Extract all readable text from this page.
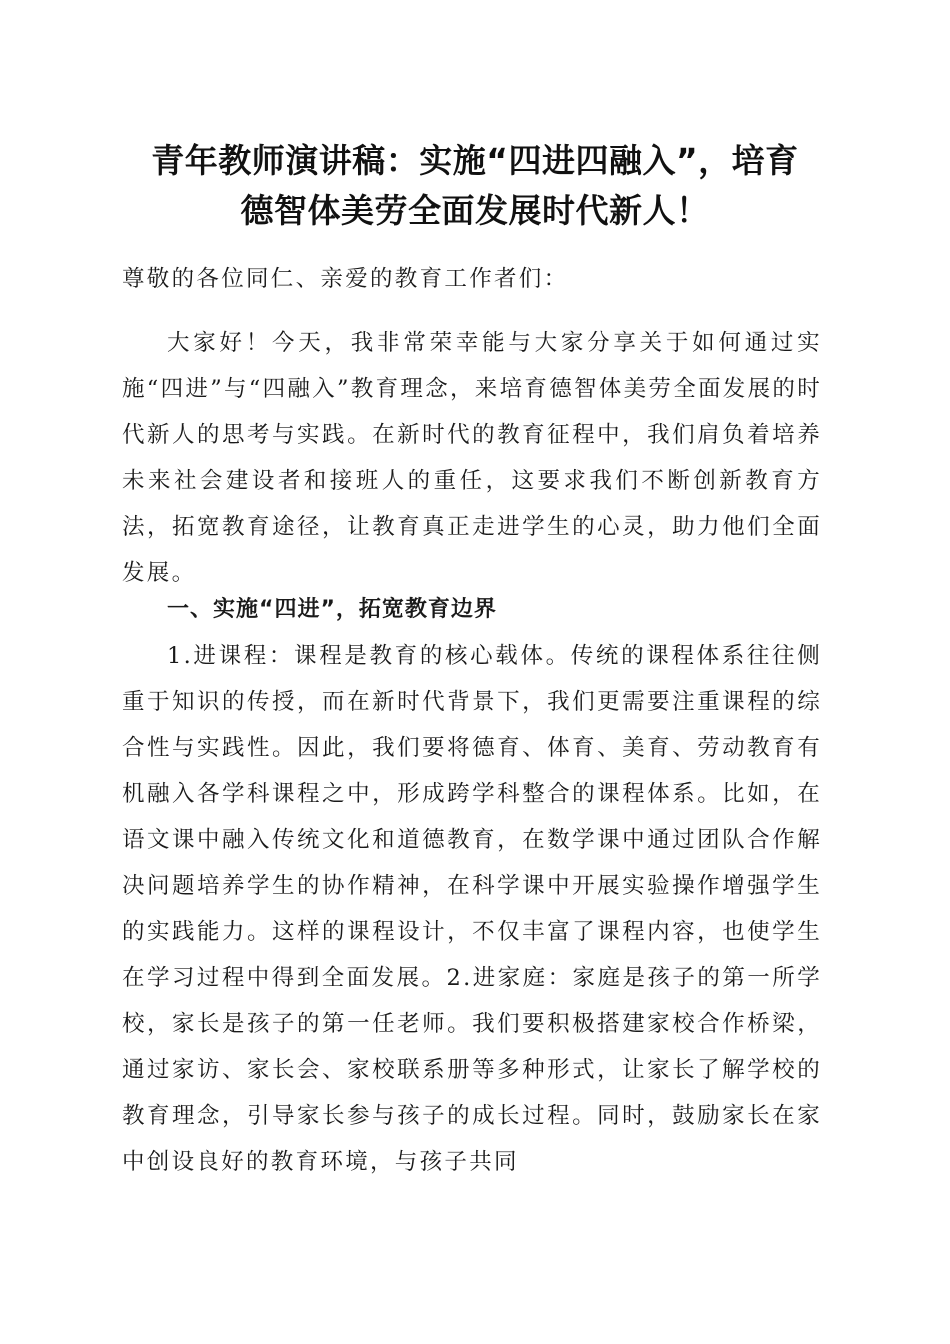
青年教师演讲稿：实施“四进四融入”，培育
德智体美劳全面发展时代新人！

尊敬的各位同仁、亲爱的教育工作者们：

大家好！今天，我非常荣幸能与大家分享关于如何通过实施“四进”与“四融入”教育理念，来培育德智体美劳全面发展的时代新人的思考与实践。在新时代的教育征程中，我们肩负着培养未来社会建设者和接班人的重任，这要求我们不断创新教育方法，拓宽教育途径，让教育真正走进学生的心灵，助力他们全面发展。

一、实施“四进”，拓宽教育边界

1.进课程：课程是教育的核心载体。传统的课程体系往往侧重于知识的传授，而在新时代背景下，我们更需要注重课程的综合性与实践性。因此，我们要将德育、体育、美育、劳动教育有机融入各学科课程之中，形成跨学科整合的课程体系。比如，在语文课中融入传统文化和道德教育，在数学课中通过团队合作解决问题培养学生的协作精神，在科学课中开展实验操作增强学生的实践能力。这样的课程设计，不仅丰富了课程内容，也使学生在学习过程中得到全面发展。2.进家庭：家庭是孩子的第一所学校，家长是孩子的第一任老师。我们要积极搭建家校合作桥梁，通过家访、家长会、家校联系册等多种形式，让家长了解学校的教育理念，引导家长参与孩子的成长过程。同时，鼓励家长在家中创设良好的教育环境，与孩子共同
